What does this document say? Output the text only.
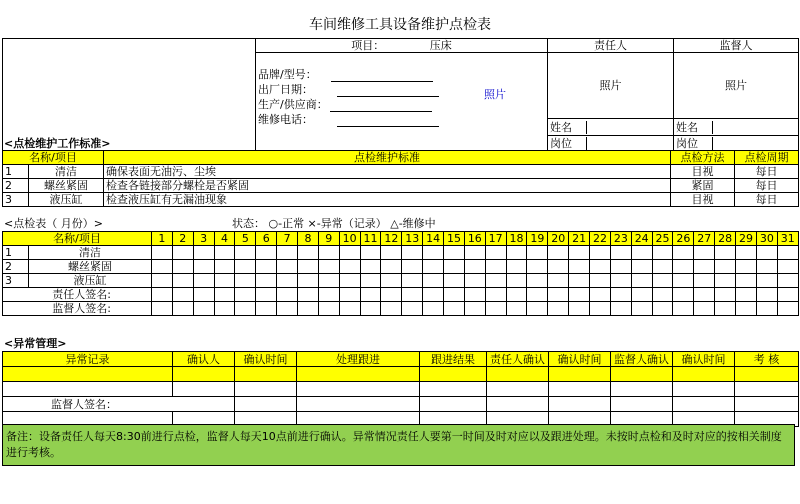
车间维修工具设备维护点检表
	项目： 压床	责任人	监督人

	品牌/型号：
出厂日期：
生产/供应商：
维修电话：
照片	照片	照片
		姓名	姓名
		岗位	岗位
<点检维护工作标准>
名称/项目		点检维护标准	点检方法	点检周期
1	清洁	确保表面无油污、尘埃	目视	每日
2	螺丝紧固	检查各链接部分螺栓是否紧固	紧固	每日
3	液压缸	检查液压缸有无漏油现象	目视	每日
<点检表（ 月份）>	状态： ○-正常 ×-异常（记录） △-维修中
名称/项目		1	2	3	4	5	6	7	8	9	10	11	12	13	14	15	16	17	18	19	20	21	22	23	24	25	26	27	28	29	30	31
1	清洁																															
2	螺丝紧固																															
3	液压缸																															
责任人签名:																																
监督人签名:																																
<异常管理>
异常记录	确认人	确认时间	处理跟进	跟进结果	责任人确认	确认时间	监督人确认	确认时间	考 核

监督人签名：									

备注：设备责任人每天8:30前进行点检，监督人每天10点前进行确认。异常情况责任人要第一时间及时对应以及跟进处理。未按时点检和及时对应的按相关制度进行考核。
